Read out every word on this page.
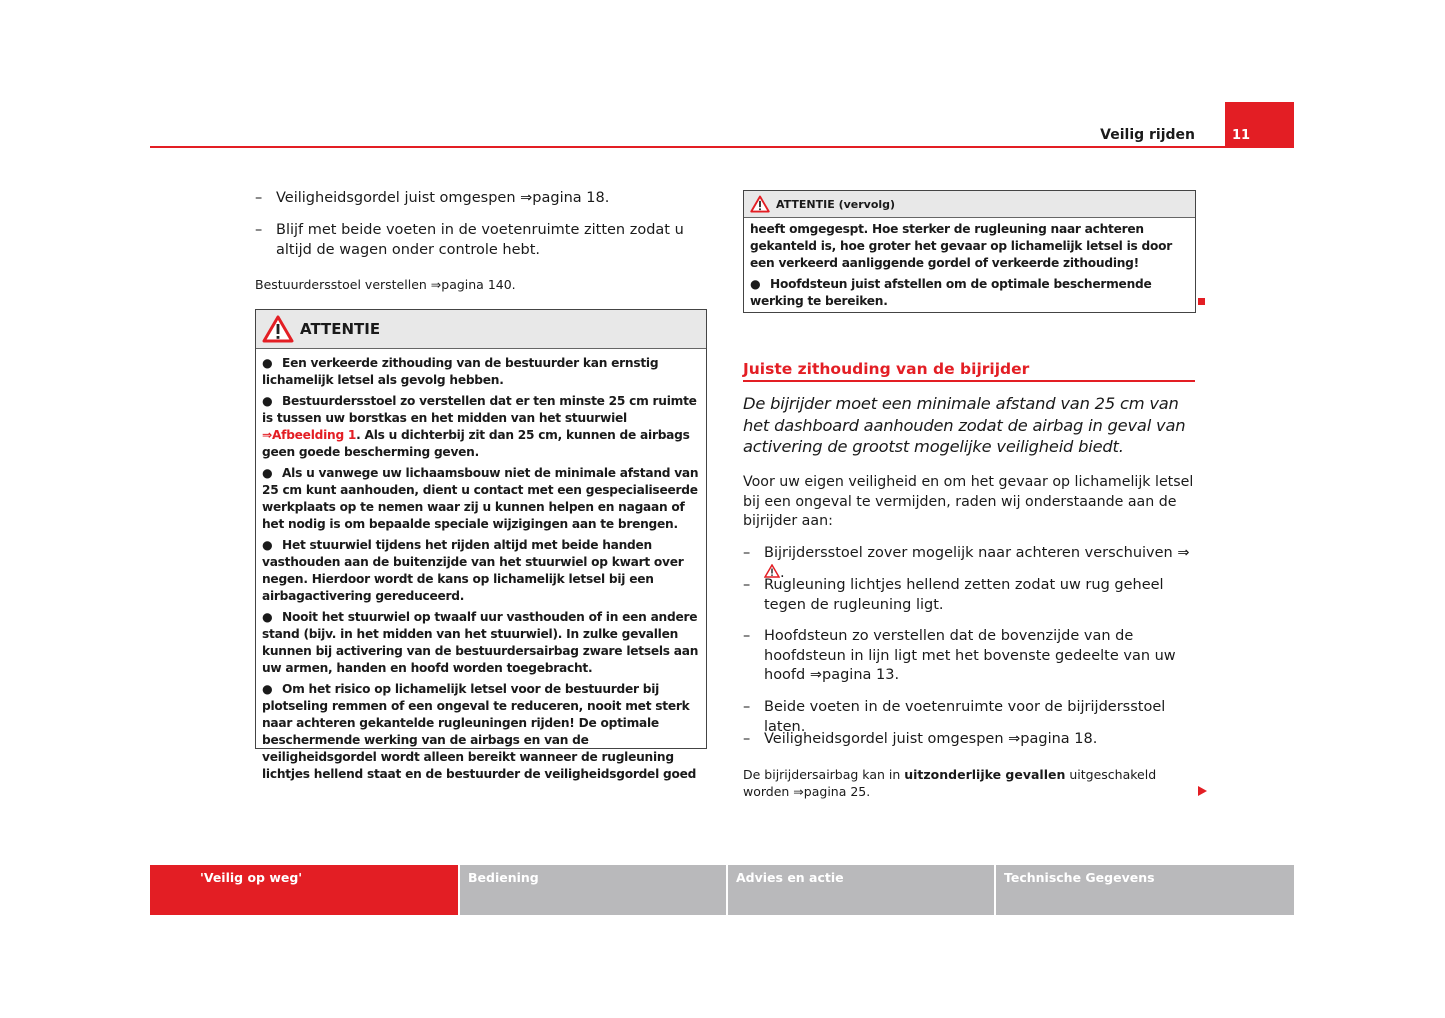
Veilig rijden	11
– Veiligheidsgordel juist omgespen ⇒pagina 18.
– Blijf met beide voeten in de voetenruimte zitten zodat u altijd de wagen onder controle hebt.
Bestuurdersstoel verstellen ⇒pagina 140.
ATTENTIE

● Een verkeerde zithouding van de bestuurder kan ernstig lichamelijk letsel als gevolg hebben.

● Bestuurdersstoel zo verstellen dat er ten minste 25 cm ruimte is tussen uw borstkas en het midden van het stuurwiel ⇒Afbeelding 1. Als u dichterbij zit dan 25 cm, kunnen de airbags geen goede bescherming geven.

● Als u vanwege uw lichaamsbouw niet de minimale afstand van 25 cm kunt aanhouden, dient u contact met een gespecialiseerde werkplaats op te nemen waar zij u kunnen helpen en nagaan of het nodig is om bepaalde speciale wijzigingen aan te brengen.

● Het stuurwiel tijdens het rijden altijd met beide handen vasthouden aan de buitenzijde van het stuurwiel op kwart over negen. Hierdoor wordt de kans op lichamelijk letsel bij een airbagactivering gereduceerd.

● Nooit het stuurwiel op twaalf uur vasthouden of in een andere stand (bijv. in het midden van het stuurwiel). In zulke gevallen kunnen bij activering van de bestuurdersairbag zware letsels aan uw armen, handen en hoofd worden toegebracht.

● Om het risico op lichamelijk letsel voor de bestuurder bij plotseling remmen of een ongeval te reduceren, nooit met sterk naar achteren gekantelde rugleuningen rijden! De optimale beschermende werking van de airbags en van de veiligheidsgordel wordt alleen bereikt wanneer de rugleuning lichtjes hellend staat en de bestuurder de veiligheidsgordel goed

ATTENTIE (vervolg)

heeft omgegespt. Hoe sterker de rugleuning naar achteren gekanteld is, hoe groter het gevaar op lichamelijk letsel is door een verkeerd aanliggende gordel of verkeerde zithouding!

● Hoofdsteun juist afstellen om de optimale beschermende werking te bereiken.

Juiste zithouding van de bijrijder
De bijrijder moet een minimale afstand van 25 cm van het dashboard aanhouden zodat de airbag in geval van activering de grootst mogelijke veiligheid biedt.
Voor uw eigen veiligheid en om het gevaar op lichamelijk letsel bij een ongeval te vermijden, raden wij onderstaande aan de bijrijder aan:
– Bijrijdersstoel zover mogelijk naar achteren verschuiven ⇒.
– Rugleuning lichtjes hellend zetten zodat uw rug geheel tegen de rugleuning ligt.
– Hoofdsteun zo verstellen dat de bovenzijde van de hoofdsteun in lijn ligt met het bovenste gedeelte van uw hoofd ⇒pagina 13.
– Beide voeten in de voetenruimte voor de bijrijdersstoel laten.
– Veiligheidsgordel juist omgespen ⇒pagina 18.
De bijrijdersairbag kan in uitzonderlijke gevallen uitgeschakeld worden ⇒pagina 25.
'Veilig op weg'	Bediening	Advies en actie	Technische Gegevens
